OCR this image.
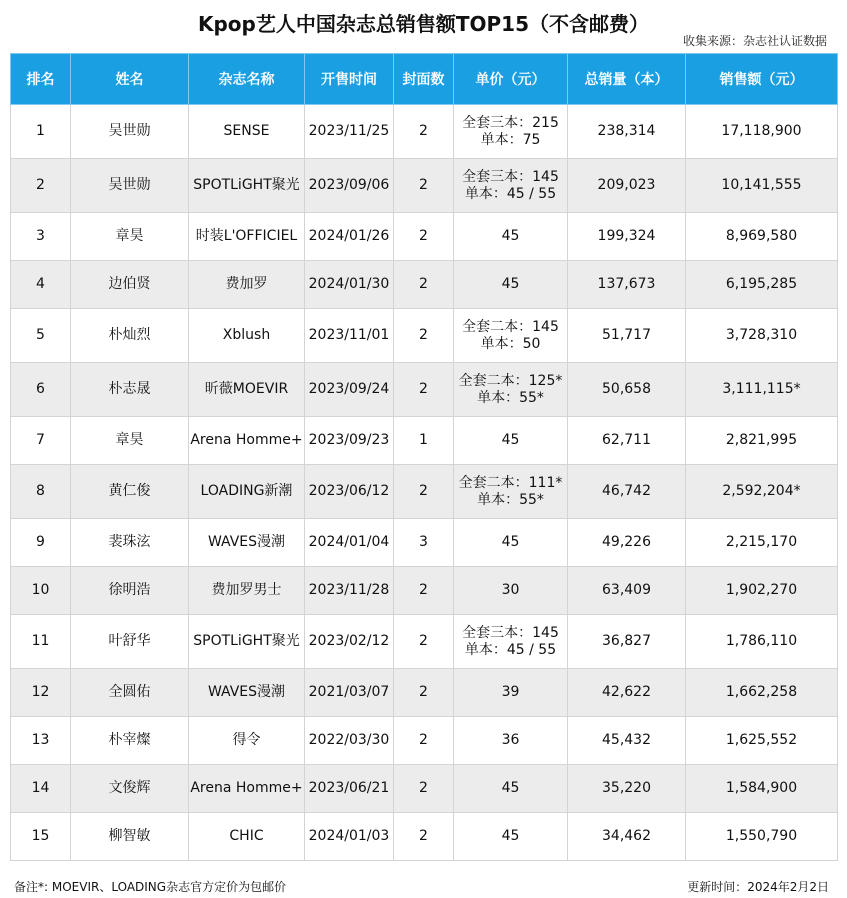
Kpop艺人中国杂志总销售额TOP15（不含邮费）
收集来源：杂志社认证数据
排名	姓名	杂志名称	开售时间	封面数	单价（元）	总销量（本）	销售额（元）
1	吴世勋	SENSE	2023/11/25	2	全套三本：215
单本：75	238,314	17,118,900
2	吴世勋	SPOTLiGHT聚光	2023/09/06	2	全套三本：145
单本：45 / 55	209,023	10,141,555
3	章昊	时装L'OFFICIEL	2024/01/26	2	45	199,324	8,969,580
4	边伯贤	费加罗	2024/01/30	2	45	137,673	6,195,285
5	朴灿烈	Xblush	2023/11/01	2	全套二本：145
单本：50	51,717	3,728,310
6	朴志晟	昕薇MOEVIR	2023/09/24	2	全套二本：125*
单本：55*	50,658	3,111,115*
7	章昊	Arena Homme+	2023/09/23	1	45	62,711	2,821,995
8	黄仁俊	LOADING新潮	2023/06/12	2	全套二本：111*
单本：55*	46,742	2,592,204*
9	裴珠泫	WAVES漫潮	2024/01/04	3	45	49,226	2,215,170
10	徐明浩	费加罗男士	2023/11/28	2	30	63,409	1,902,270
11	叶舒华	SPOTLiGHT聚光	2023/02/12	2	全套三本：145
单本：45 / 55	36,827	1,786,110
12	全圆佑	WAVES漫潮	2021/03/07	2	39	42,622	1,662,258
13	朴宰燦	得令	2022/03/30	2	36	45,432	1,625,552
14	文俊辉	Arena Homme+	2023/06/21	2	45	35,220	1,584,900
15	柳智敏	CHIC	2024/01/03	2	45	34,462	1,550,790
备注*: MOEVIR、LOADING杂志官方定价为包邮价	更新时间：2024年2月2日
